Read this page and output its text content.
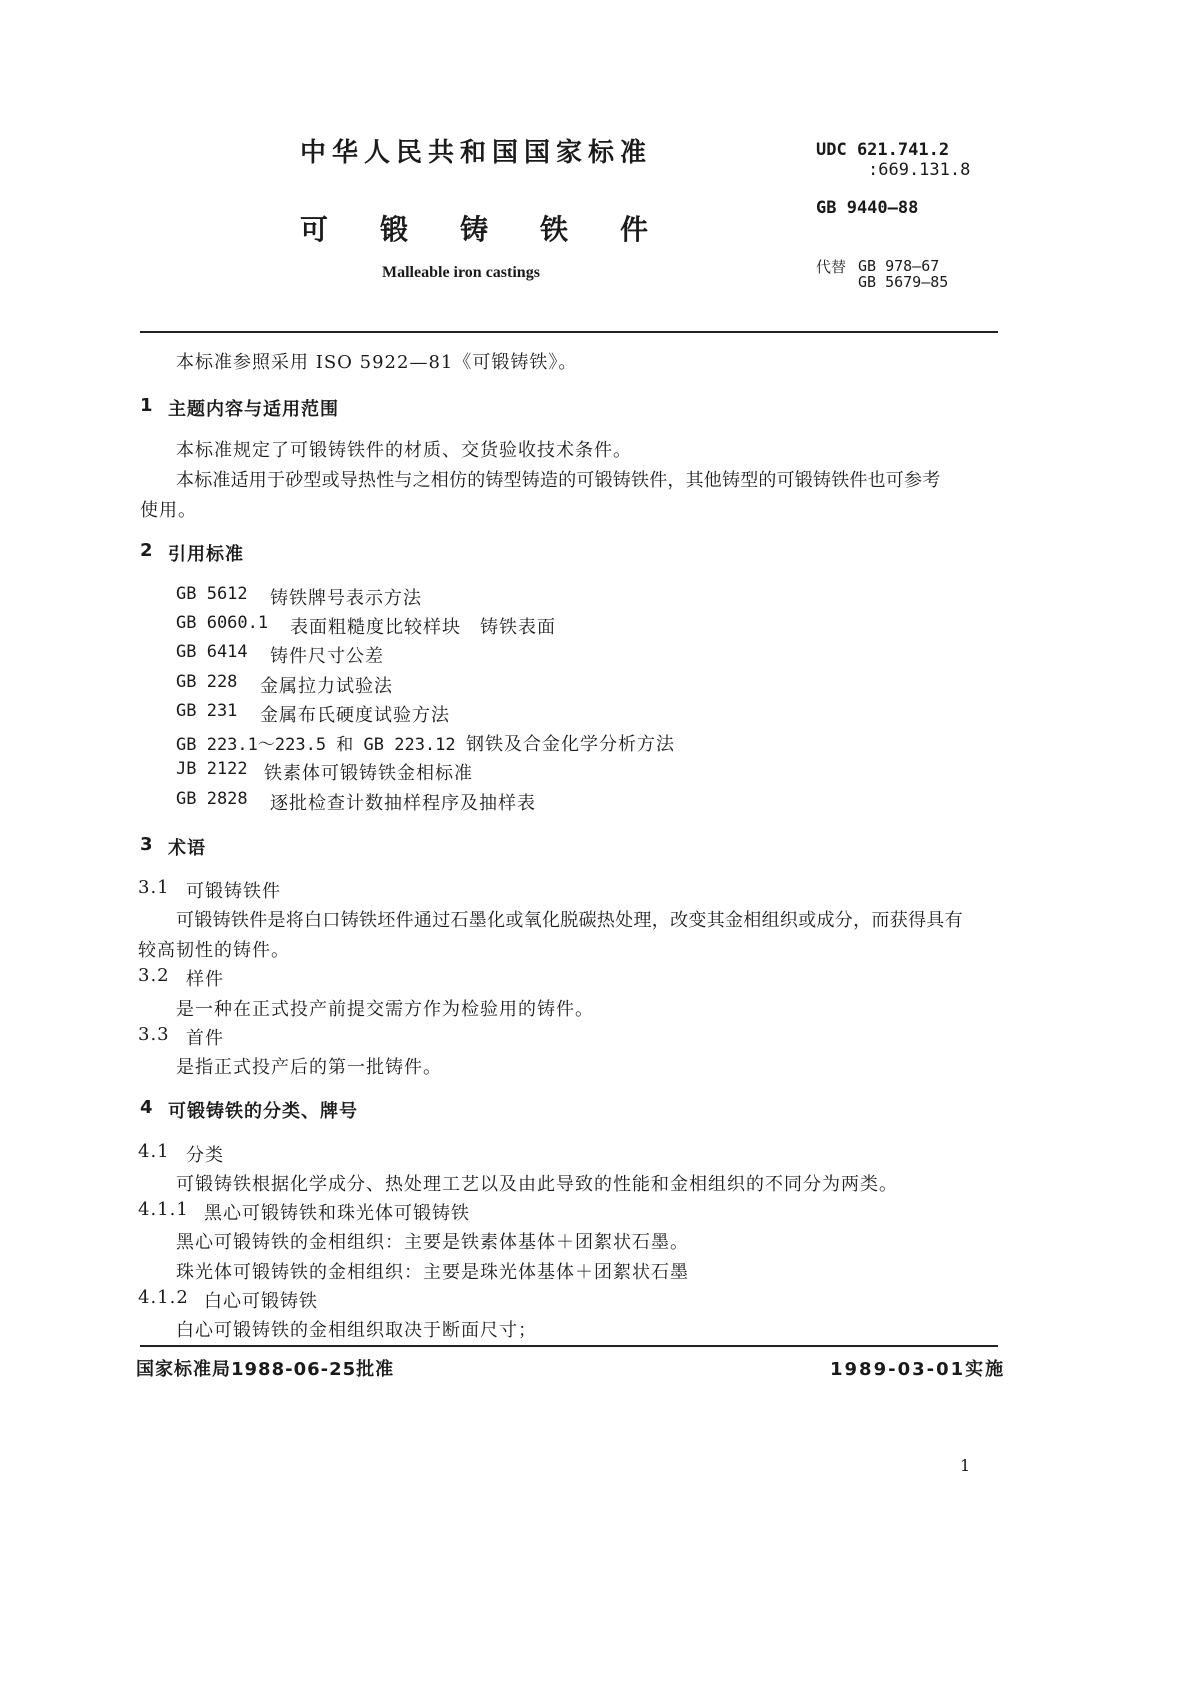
中华人民共和国国家标准
可 锻 铸 铁 件
Malleable iron castings
UDC 621.741.2
:669.131.8
GB 9440—88
代替 GB 978—67
GB 5679—85
本标准参照采用 ISO 5922—81《可锻铸铁》。
1 主题内容与适用范围
本标准规定了可锻铸铁件的材质、交货验收技术条件。
本标准适用于砂型或导热性与之相仿的铸型铸造的可锻铸铁件，其他铸型的可锻铸铁件也可参考
使用。
2 引用标准
GB 5612 铸铁牌号表示方法
GB 6060.1 表面粗糙度比较样块　铸铁表面
GB 6414 铸件尺寸公差
GB 228 金属拉力试验法
GB 231 金属布氏硬度试验方法
GB 223.1～223.5 和 GB 223.12 钢铁及合金化学分析方法
JB 2122 铁素体可锻铸铁金相标准
GB 2828 逐批检查计数抽样程序及抽样表
3 术语
3.1 可锻铸铁件
可锻铸铁件是将白口铸铁坯件通过石墨化或氧化脱碳热处理，改变其金相组织或成分，而获得具有
较高韧性的铸件。
3.2 样件
是一种在正式投产前提交需方作为检验用的铸件。
3.3 首件
是指正式投产后的第一批铸件。
4 可锻铸铁的分类、牌号
4.1 分类
可锻铸铁根据化学成分、热处理工艺以及由此导致的性能和金相组织的不同分为两类。
4.1.1 黑心可锻铸铁和珠光体可锻铸铁
黑心可锻铸铁的金相组织：主要是铁素体基体＋团絮状石墨。
珠光体可锻铸铁的金相组织：主要是珠光体基体＋团絮状石墨
4.1.2 白心可锻铸铁
白心可锻铸铁的金相组织取决于断面尺寸；
国家标准局1988-06-25批准	1989-03-01实施
1
